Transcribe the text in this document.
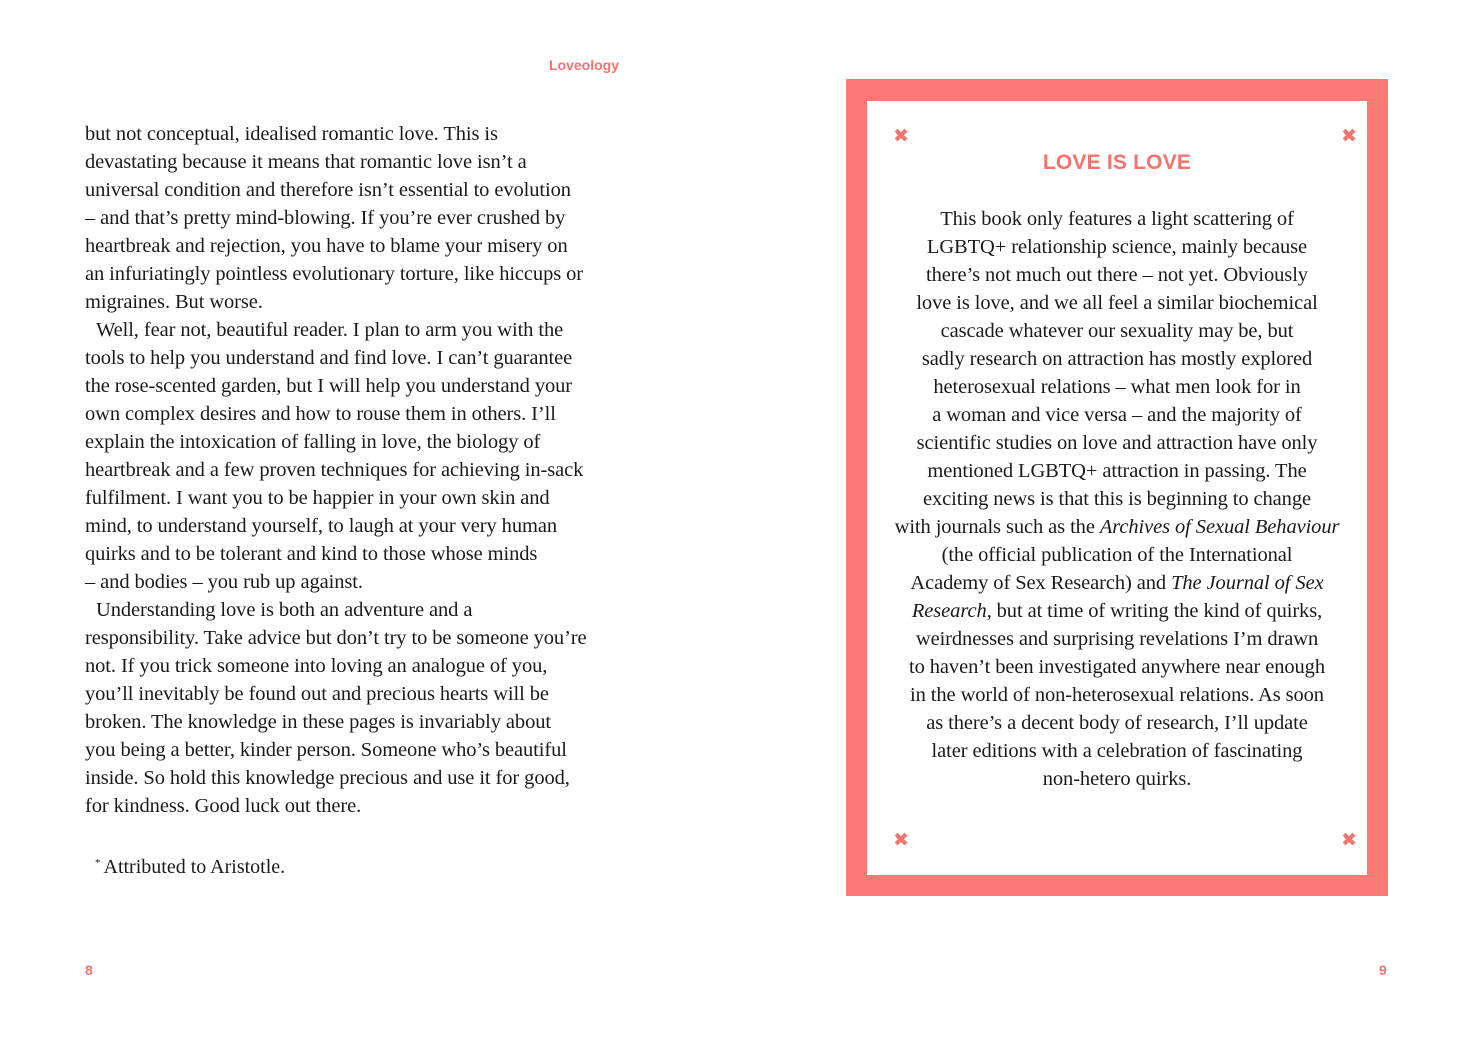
Loveology

but not conceptual, idealised romantic love. This is

devastating because it means that romantic love isn’t a

universal condition and therefore isn’t essential to evolution

– and that’s pretty mind-blowing. If you’re ever crushed by

heartbreak and rejection, you have to blame your misery on

an infuriatingly pointless evolutionary torture, like hiccups or

migraines. But worse.

Well, fear not, beautiful reader. I plan to arm you with the

tools to help you understand and find love. I can’t guarantee

the rose-scented garden, but I will help you understand your

own complex desires and how to rouse them in others. I’ll

explain the intoxication of falling in love, the biology of

heartbreak and a few proven techniques for achieving in-sack

fulfilment. I want you to be happier in your own skin and

mind, to understand yourself, to laugh at your very human

quirks and to be tolerant and kind to those whose minds

– and bodies – you rub up against.

Understanding love is both an adventure and a

responsibility. Take advice but don’t try to be someone you’re

not. If you trick someone into loving an analogue of you,

you’ll inevitably be found out and precious hearts will be

broken. The knowledge in these pages is invariably about

you being a better, kinder person. Someone who’s beautiful

inside. So hold this knowledge precious and use it for good,

for kindness. Good luck out there.

* Attributed to Aristotle.
8	9
✖	✖
✖	✖
LOVE IS LOVE

This book only features a light scattering of

LGBTQ+ relationship science, mainly because

there’s not much out there – not yet. Obviously

love is love, and we all feel a similar biochemical

cascade whatever our sexuality may be, but

sadly research on attraction has mostly explored

heterosexual relations – what men look for in

a woman and vice versa – and the majority of

scientific studies on love and attraction have only

mentioned LGBTQ+ attraction in passing. The

exciting news is that this is beginning to change

with journals such as the Archives of Sexual Behaviour

(the official publication of the International

Academy of Sex Research) and The Journal of Sex

Research, but at time of writing the kind of quirks,

weirdnesses and surprising revelations I’m drawn

to haven’t been investigated anywhere near enough

in the world of non-heterosexual relations. As soon

as there’s a decent body of research, I’ll update

later editions with a celebration of fascinating

non-hetero quirks.
